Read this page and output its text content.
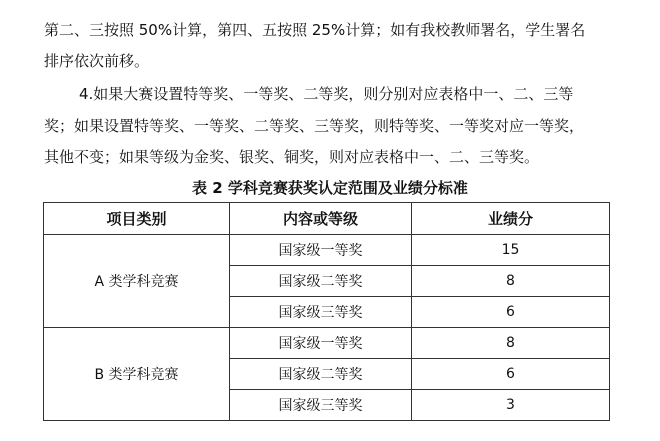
第二、三按照 50%计算，第四、五按照 25%计算；如有我校教师署名，学生署名
排序依次前移。
4.如果大赛设置特等奖、一等奖、二等奖，则分别对应表格中一、二、三等
奖；如果设置特等奖、一等奖、二等奖、三等奖，则特等奖、一等奖对应一等奖，
其他不变；如果等级为金奖、银奖、铜奖，则对应表格中一、二、三等奖。
表 2 学科竞赛获奖认定范围及业绩分标准
项目类别	内容或等级	业绩分
A 类学科竞赛	国家级一等奖	15
	国家级二等奖	8
	国家级三等奖	6
B 类学科竞赛	国家级一等奖	8
	国家级二等奖	6
	国家级三等奖	3
